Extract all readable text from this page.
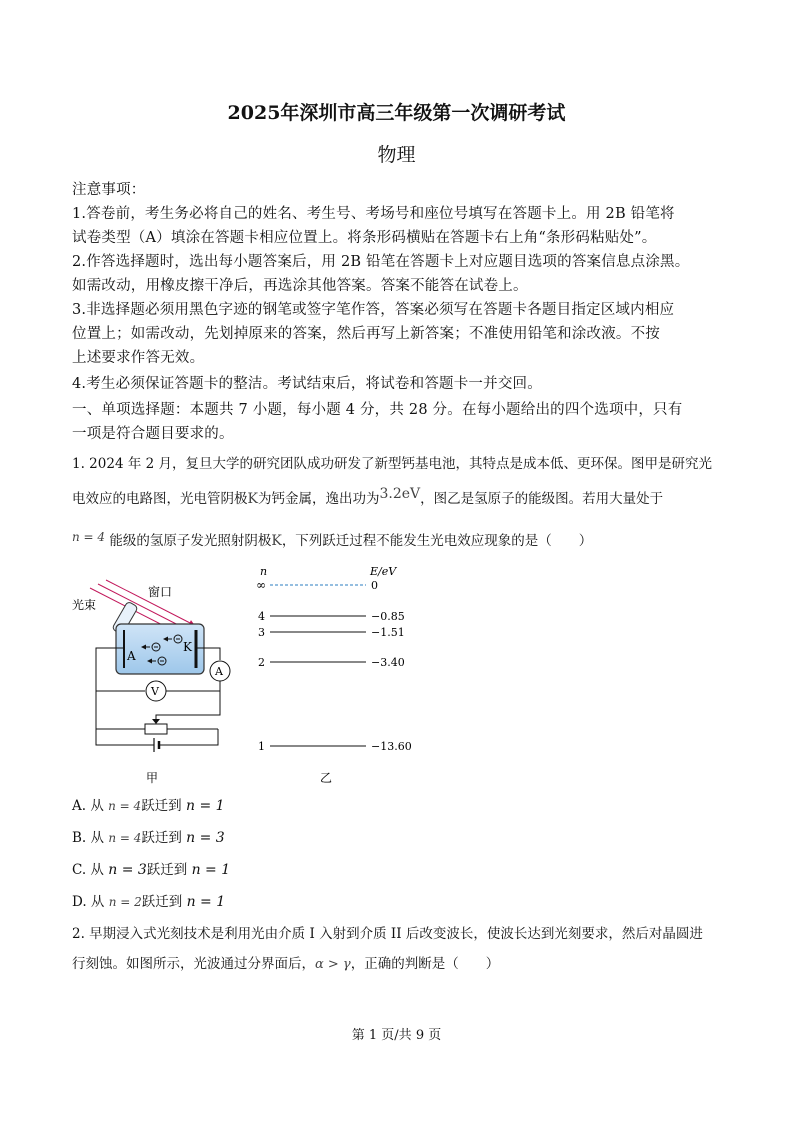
2025年深圳市高三年级第一次调研考试
物理
注意事项：
1.答卷前，考生务必将自己的姓名、考生号、考场号和座位号填写在答题卡上。用 2B 铅笔将
试卷类型（A）填涂在答题卡相应位置上。将条形码横贴在答题卡右上角“条形码粘贴处”。
2.作答选择题时，选出每小题答案后，用 2B 铅笔在答题卡上对应题目选项的答案信息点涂黑。
如需改动，用橡皮擦干净后，再选涂其他答案。答案不能答在试卷上。
3.非选择题必须用黑色字迹的钢笔或签字笔作答，答案必须写在答题卡各题目指定区域内相应
位置上；如需改动，先划掉原来的答案，然后再写上新答案；不准使用铅笔和涂改液。不按
上述要求作答无效。
4.考生必须保证答题卡的整洁。考试结束后，将试卷和答题卡一并交回。
一、单项选择题：本题共 7 小题，每小题 4 分，共 28 分。在每小题给出的四个选项中，只有
一项是符合题目要求的。
1. 2024 年 2 月，复旦大学的研究团队成功研发了新型钙基电池，其特点是成本低、更环保。图甲是研究光
电效应的电路图，光电管阴极K为钙金属，逸出功为3.2eV，图乙是氢原子的能级图。若用大量处于
n = 4 能级的氢原子发光照射阴极K，下列跃迁过程不能发生光电效应现象的是（　　）
光束
窗口
A
K
A
V
甲
n	E/eV
∞
4
3
2
1
0
−0.85
−1.51
−3.40
−13.60
乙
A. 从 n = 4跃迁到 n = 1
B. 从 n = 4跃迁到 n = 3
C. 从 n = 3跃迁到 n = 1
D. 从 n = 2跃迁到 n = 1
2. 早期浸入式光刻技术是利用光由介质 I 入射到介质 II 后改变波长，使波长达到光刻要求，然后对晶圆进
行刻蚀。如图所示，光波通过分界面后，α > γ，正确的判断是（　　）
第 1 页/共 9 页
